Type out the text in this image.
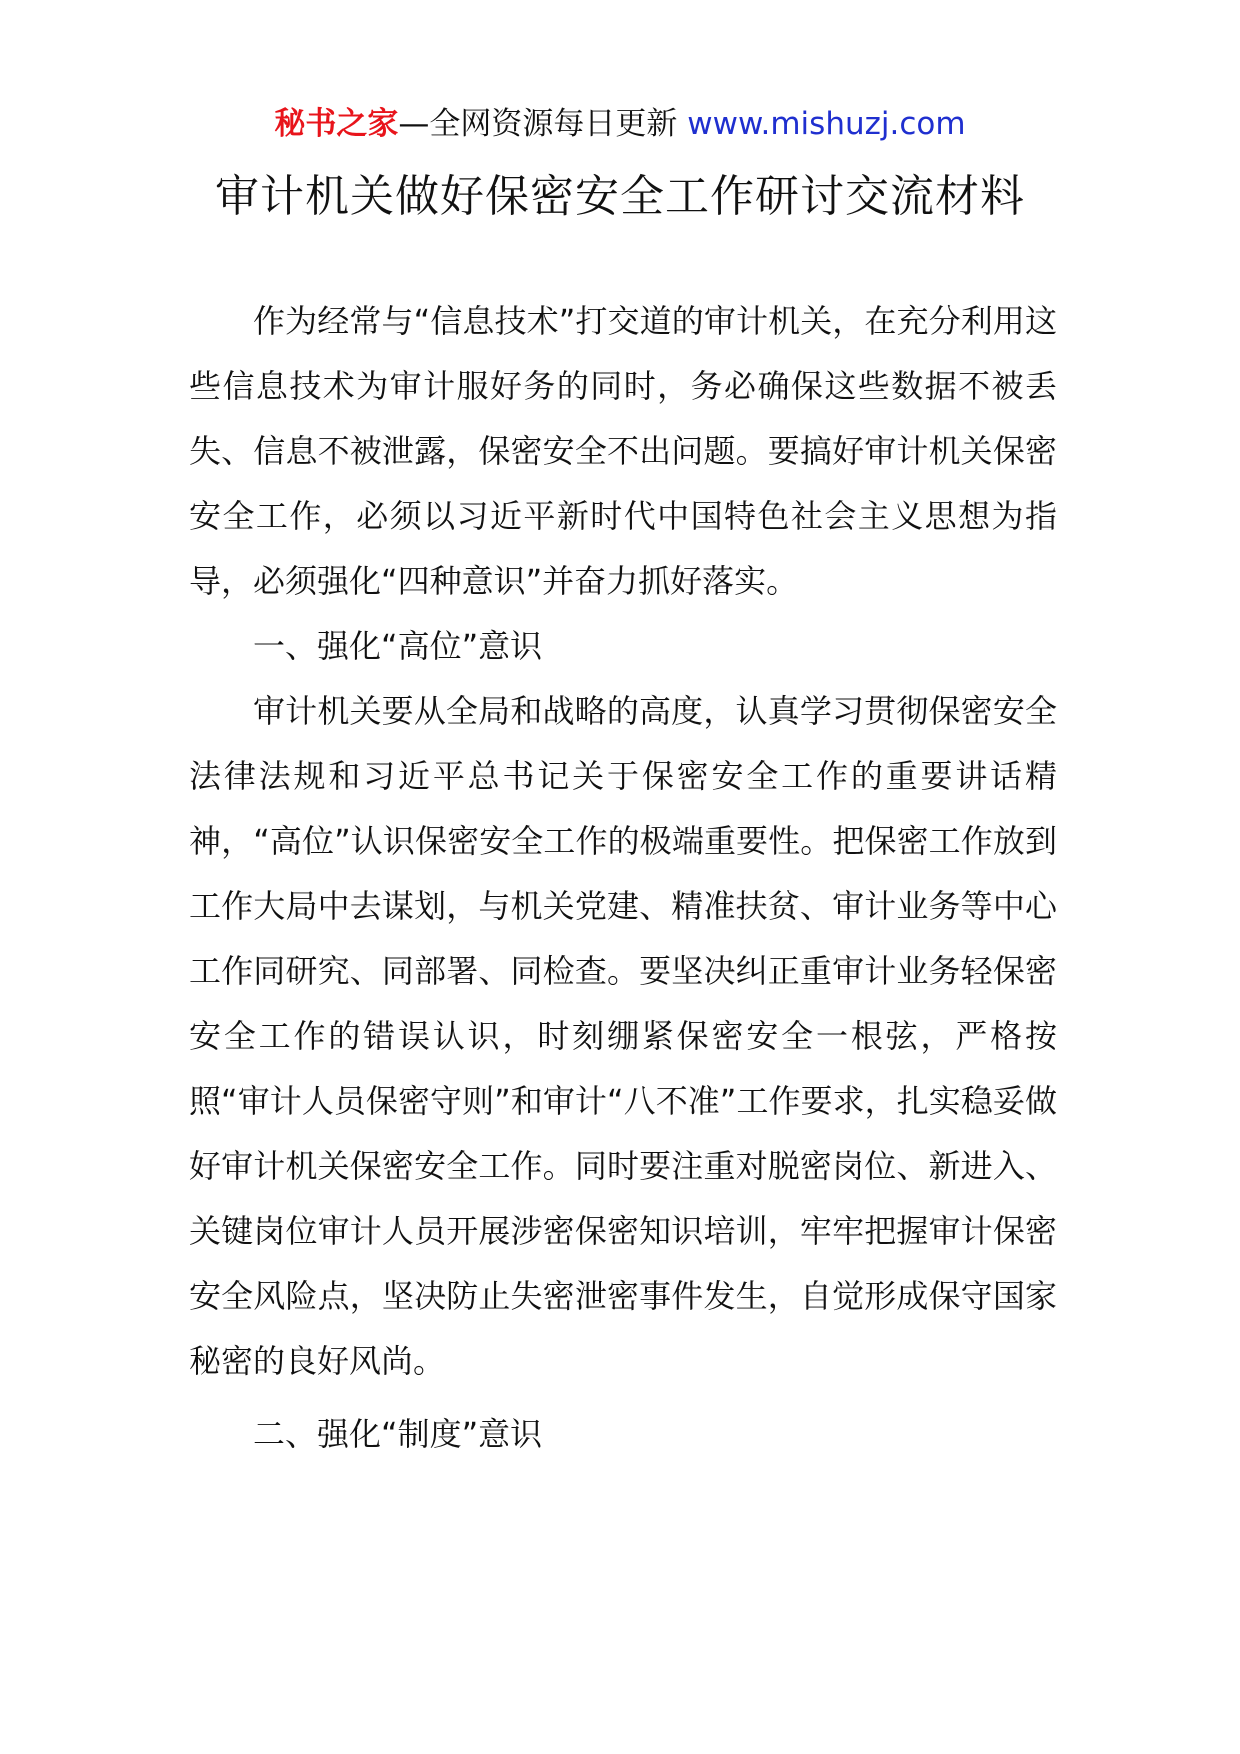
秘书之家—全网资源每日更新 www.mishuzj.com
审计机关做好保密安全工作研讨交流材料

作为经常与“信息技术”打交道的审计机关，在充分利用这些信息技术为审计服好务的同时，务必确保这些数据不被丢失、信息不被泄露，保密安全不出问题。要搞好审计机关保密安全工作，必须以习近平新时代中国特色社会主义思想为指导，必须强化“四种意识”并奋力抓好落实。

一、强化“高位”意识

审计机关要从全局和战略的高度，认真学习贯彻保密安全法律法规和习近平总书记关于保密安全工作的重要讲话精神，“高位”认识保密安全工作的极端重要性。把保密工作放到工作大局中去谋划，与机关党建、精准扶贫、审计业务等中心工作同研究、同部署、同检查。要坚决纠正重审计业务轻保密安全工作的错误认识，时刻绷紧保密安全一根弦，严格按照“审计人员保密守则”和审计“八不准”工作要求，扎实稳妥做好审计机关保密安全工作。同时要注重对脱密岗位、新进入、关键岗位审计人员开展涉密保密知识培训，牢牢把握审计保密安全风险点，坚决防止失密泄密事件发生，自觉形成保守国家秘密的良好风尚。

二、强化“制度”意识
